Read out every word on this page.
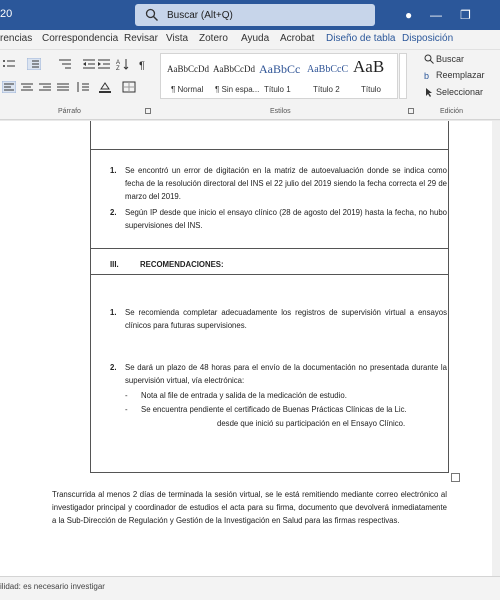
20	Buscar (Alt+Q)	● — ❐
rencias Correspondencia Revisar Vista Zotero Ayuda Acrobat Diseño de tabla Disposición
A
Z ¶
Párrafo
AaBbCcDd
¶ Normal
AaBbCcDd
¶ Sin espa...
AaBbCc
Título 1
AaBbCcC
Título 2
AaB
Título
Estilos
Buscar
b Reemplazar
Seleccionar
Edición
1. Se encontró un error de digitación en la matriz de autoevaluación donde se indica como fecha de la resolución directoral del INS el 22 julio del 2019 siendo la fecha correcta el 29 de marzo del 2019.
2. Según IP desde que inicio el ensayo clínico (28 de agosto del 2019) hasta la fecha, no hubo supervisiones del INS.
III.	RECOMENDACIONES:
1. Se recomienda completar adecuadamente los registros de supervisión virtual a ensayos clínicos para futuras supervisiones.
2. Se dará un plazo de 48 horas para el envío de la documentación no presentada durante la supervisión virtual, vía electrónica:
- Nota al file de entrada y salida de la medicación de estudio.
- Se encuentra pendiente el certificado de Buenas Prácticas Clínicas de la Lic.
desde que inició su participación en el Ensayo Clínico.
Transcurrida al menos 2 días de terminada la sesión virtual, se le está remitiendo mediante correo electrónico al investigador principal y coordinador de estudios el acta para su firma, documento que devolverá inmediatamente a la Sub-Dirección de Regulación y Gestión de la Investigación en Salud para las firmas respectivas.
ilidad: es necesario investigar
